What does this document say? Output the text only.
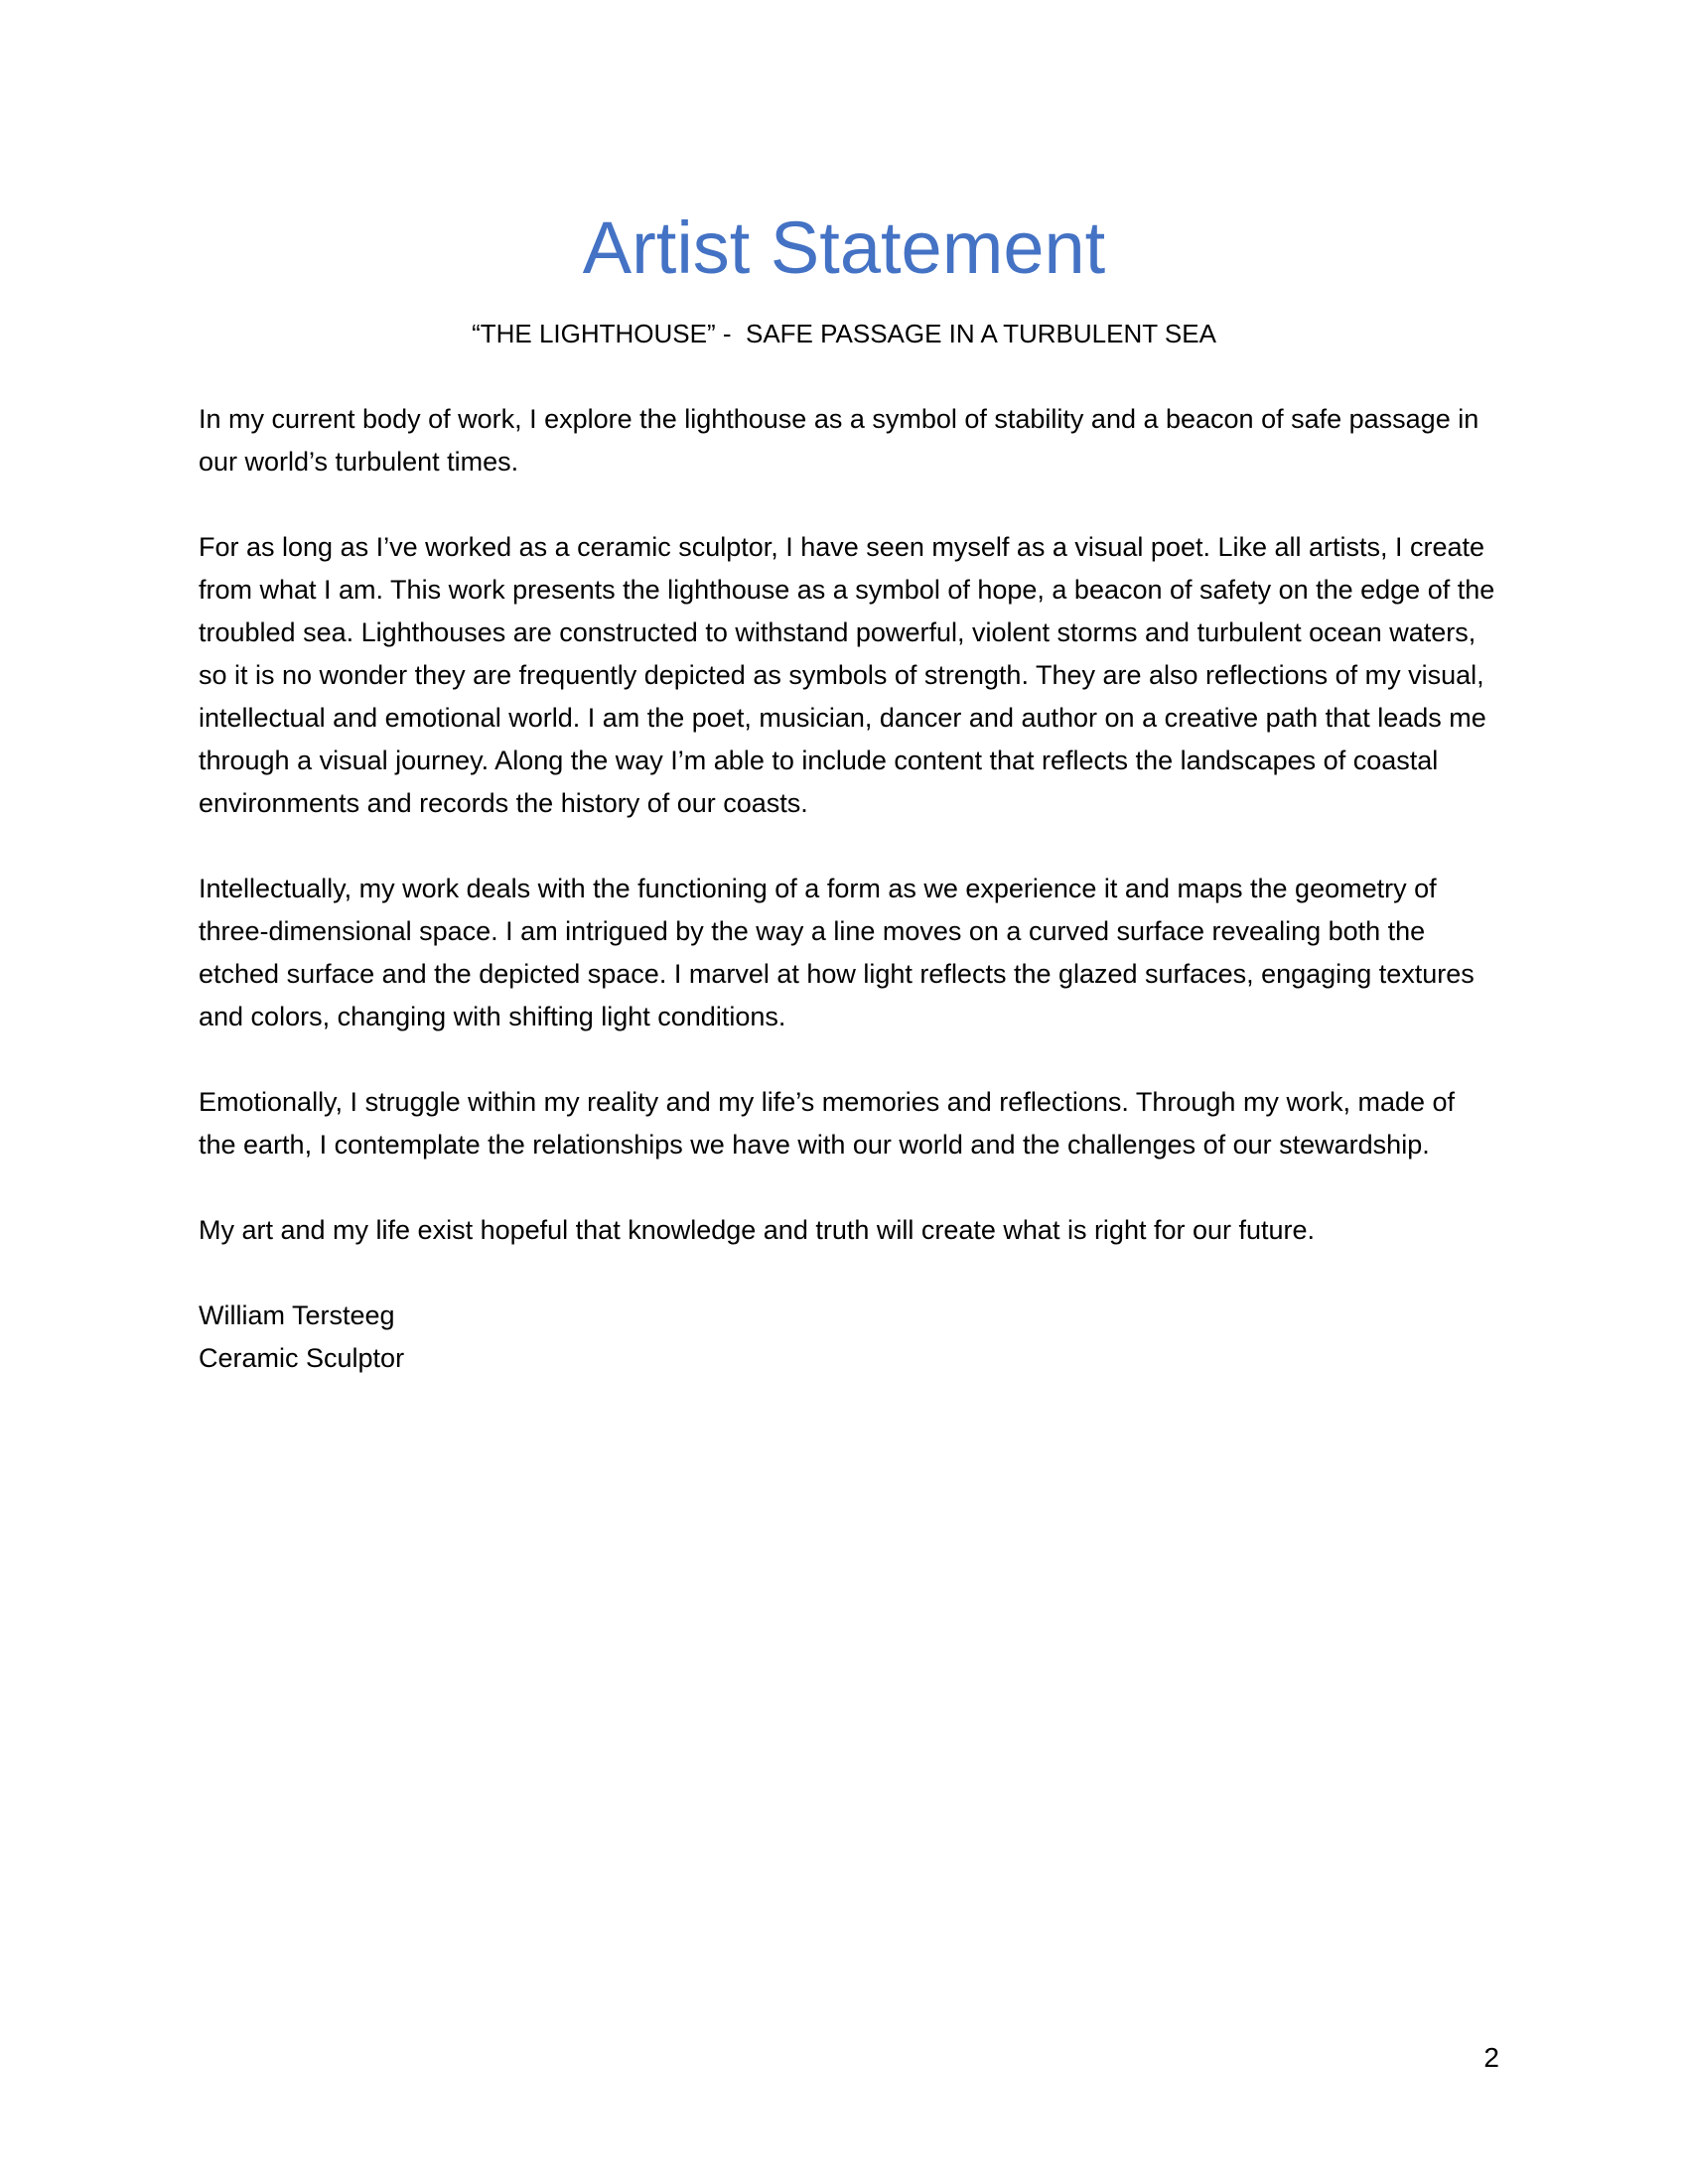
Artist Statement
“THE LIGHTHOUSE” -  SAFE PASSAGE IN A TURBULENT SEA

In my current body of work, I explore the lighthouse as a symbol of stability and a beacon of safe passage in our world’s turbulent times.

For as long as I’ve worked as a ceramic sculptor, I have seen myself as a visual poet. Like all artists, I create from what I am. This work presents the lighthouse as a symbol of hope, a beacon of safety on the edge of the troubled sea. Lighthouses are constructed to withstand powerful, violent storms and turbulent ocean waters, so it is no wonder they are frequently depicted as symbols of strength. They are also reflections of my visual, intellectual and emotional world. I am the poet, musician, dancer and author on a creative path that leads me through a visual journey. Along the way I’m able to include content that reflects the landscapes of coastal environments and records the history of our coasts.

Intellectually, my work deals with the functioning of a form as we experience it and maps the geometry of three-dimensional space. I am intrigued by the way a line moves on a curved surface revealing both the etched surface and the depicted space. I marvel at how light reflects the glazed surfaces, engaging textures and colors, changing with shifting light conditions.

Emotionally, I struggle within my reality and my life’s memories and reflections. Through my work, made of the earth, I contemplate the relationships we have with our world and the challenges of our stewardship.

My art and my life exist hopeful that knowledge and truth will create what is right for our future.

William Tersteeg
Ceramic Sculptor
2
